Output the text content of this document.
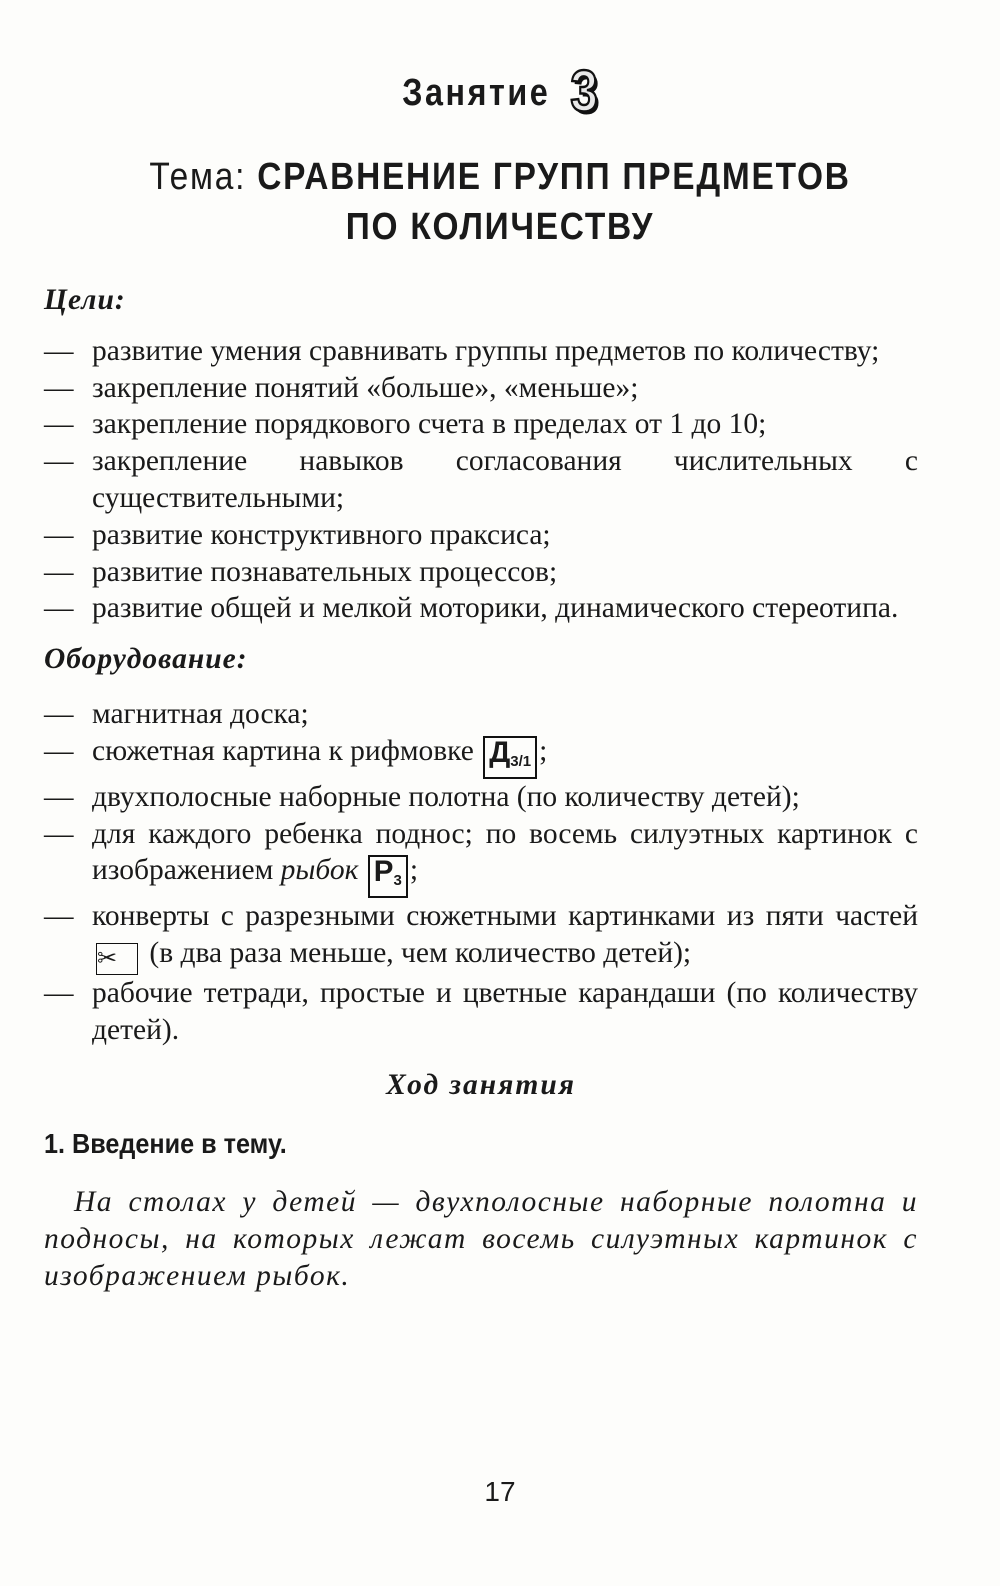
Занятие 3
Тема: СРАВНЕНИЕ ГРУПП ПРЕДМЕТОВ
ПО КОЛИЧЕСТВУ

Цели:

— развитие умения сравнивать группы предметов по количеству;
— закрепление понятий «больше», «меньше»;
— закрепление порядкового счета в пределах от 1 до 10;
— закрепление навыков согласования числительных с существительными;
— развитие конструктивного праксиса;
— развитие познавательных процессов;
— развитие общей и мелкой моторики, динамического стереотипа.

Оборудование:

— магнитная доска;
— сюжетная картина к рифмовке $Д_{3/1}$ ;
— двухполосные наборные полотна (по количеству детей);
— для каждого ребенка поднос; по восемь силуэтных картинок с изображением рыбок $Р_3$ ;
— конверты с разрезными сюжетными картинками из пяти частей ✂ (в два раза меньше, чем количество детей);
— рабочие тетради, простые и цветные карандаши (по количеству детей).
Ход занятия
1. Введение в тему.
На столах у детей — двухполосные наборные полотна и подносы, на которых лежат восемь силуэтных картинок с изображением рыбок.
17
